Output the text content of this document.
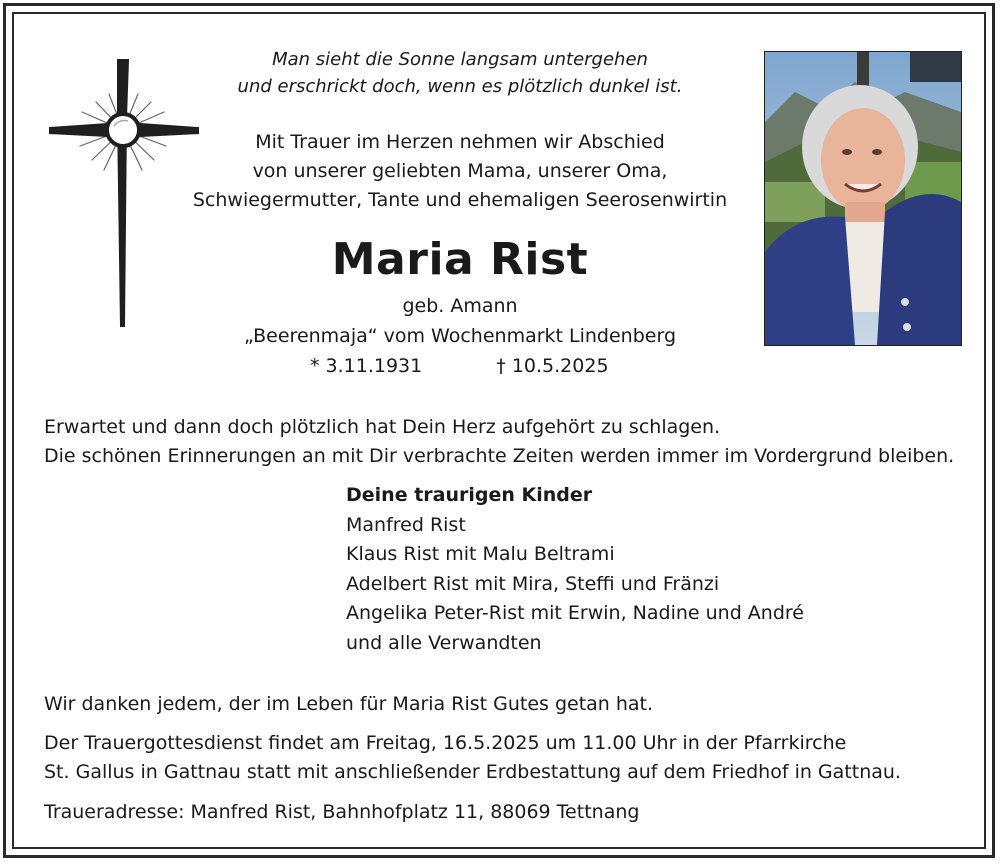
Man sieht die Sonne langsam untergehen
und erschrickt doch, wenn es plötzlich dunkel ist.
Mit Trauer im Herzen nehmen wir Abschied
von unserer geliebten Mama, unserer Oma,
Schwiegermutter, Tante und ehemaligen Seerosenwirtin
Maria Rist
geb. Amann
„Beerenmaja“ vom Wochenmarkt Lindenberg
* 3.11.1931	† 10.5.2025
Erwartet und dann doch plötzlich hat Dein Herz aufgehört zu schlagen.
Die schönen Erinnerungen an mit Dir verbrachte Zeiten werden immer im Vordergrund bleiben.
Deine traurigen Kinder
Manfred Rist
Klaus Rist mit Malu Beltrami
Adelbert Rist mit Mira, Steffi und Fränzi
Angelika Peter-Rist mit Erwin, Nadine und André
und alle Verwandten
Wir danken jedem, der im Leben für Maria Rist Gutes getan hat.
Der Trauergottesdienst findet am Freitag, 16.5.2025 um 11.00 Uhr in der Pfarrkirche
St. Gallus in Gattnau statt mit anschließender Erdbestattung auf dem Friedhof in Gattnau.
Traueradresse: Manfred Rist, Bahnhofplatz 11, 88069 Tettnang
